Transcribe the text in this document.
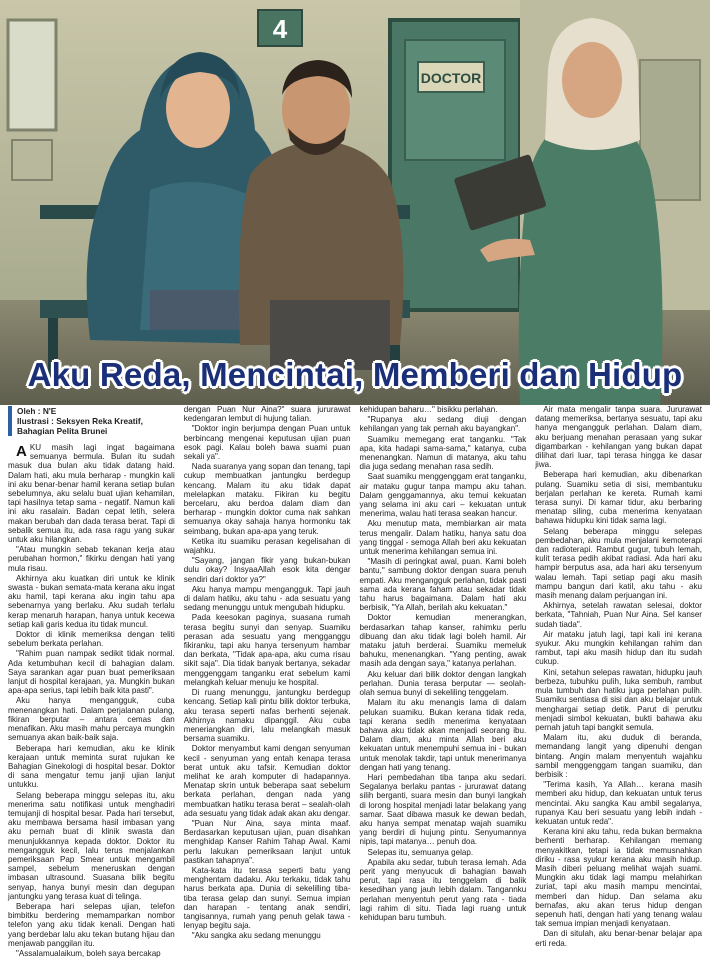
4
DOCTOR
Aku Reda, Mencintai, Memberi dan Hidup
Oleh : N'E
Ilustrasi : Seksyen Reka Kreatif,
Bahagian Pelita Brunei

AKU masih lagi ingat bagaimana semuanya bermula. Bulan itu sudah masuk dua bulan aku tidak datang haid. Dalam hati, aku mula berharap - mungkin kali ini aku benar-benar hamil kerana setiap bulan sebelumnya, aku selalu buat ujian kehamilan, tapi hasilnya tetap sama - negatif. Namun kali ini aku rasalain. Badan cepat letih, selera makan berubah dan dada terasa berat. Tapi di sebalik semua itu, ada rasa ragu yang sukar untuk aku hilangkan.

"Atau mungkin sebab tekanan kerja atau perubahan hormon," fikirku dengan hati yang mula risau.

Akhirnya aku kuatkan diri untuk ke klinik swasta - bukan semata-mata kerana aku ingat aku hamil, tapi kerana aku ingin tahu apa sebenarnya yang berlaku. Aku sudah terlalu kerap menaruh harapan, hanya untuk kecewa setiap kali garis kedua itu tidak muncul.

Doktor di klinik memeriksa dengan teliti sebelum berkata perlahan.

"Rahim puan nampak sedikit tidak normal. Ada ketumbuhan kecil di bahagian dalam. Saya sarankan agar puan buat pemeriksaan lanjut di hospital kerajaan, ya. Mungkin bukan apa-apa serius, tapi lebih baik kita pasti".

Aku hanya mengangguk, cuba menenangkan hati. Dalam perjalanan pulang, fikiran berputar – antara cemas dan menafikan. Aku masih mahu percaya mungkin semuanya akan baik-baik saja.

Beberapa hari kemudian, aku ke klinik kerajaan untuk meminta surat rujukan ke Bahagian Ginekologi di hospital besar. Doktor di sana mengatur temu janji ujian lanjut untukku.

Selang beberapa minggu selepas itu, aku menerima satu notifikasi untuk menghadiri temujanji di hospital besar. Pada hari tersebut, aku membawa bersama hasil imbasan yang aku pernah buat di klinik swasta dan menunjukkannya kepada doktor. Doktor itu mengangguk kecil, lalu terus menjalankan pemeriksaan Pap Smear untuk mengambil sampel, sebelum meneruskan dengan imbasan ultrasound. Suasana bilik begitu senyap, hanya bunyi mesin dan degupan jantungku yang terasa kuat di telinga.

Beberapa hari selepas ujian, telefon bimbitku berdering memamparkan nombor telefon yang aku tidak kenali. Dengan hati yang berdebar lalu aku tekan butang hijau dan menjawab panggilan itu.

"Assalamualaikum, boleh saya bercakap

dengan Puan Nur Aina?" suara jururawat kedengaran lembut di hujung talian.

"Doktor ingin berjumpa dengan Puan untuk berbincang mengenai keputusan ujian puan esok pagi. Kalau boleh bawa suami puan sekali ya".

Nada suaranya yang sopan dan tenang, tapi cukup membuatkan jantungku berdegup kencang. Malam itu aku tidak dapat melelapkan mataku. Fikiran ku begitu bercelaru, aku berdoa dalam diam dan berharap - mungkin doktor cuma nak sahkan semuanya okay sahaja hanya hormonku tak seimbang, bukan apa-apa yang teruk.

Ketika itu suamiku perasan kegelisahan di wajahku.

"Sayang, jangan fikir yang bukan-bukan dulu okay? InsyaaAllah esok kita dengar sendiri dari doktor ya?"

Aku hanya mampu mengangguk. Tapi jauh di dalam hatiku, aku tahu - ada sesuatu yang sedang menunggu untuk mengubah hidupku.

Pada keesokan paginya, suasana rumah terasa begitu sunyi dan senyap. Suamiku perasan ada sesuatu yang mengganggu fikiranku, tapi aku hanya tersenyum hambar dan berkata, "Tidak apa-apa, aku cuma risau sikit saja". Dia tidak banyak bertanya, sekadar menggenggam tanganku erat sebelum kami melangkah keluar menuju ke hospital.

Di ruang menunggu, jantungku berdegup kencang. Setiap kali pintu bilik doktor terbuka, aku terasa seperti nafas berhenti sejenak. Akhirnya namaku dipanggil. Aku cuba meneriangkan diri, lalu melangkah masuk bersama suamiku.

Doktor menyambut kami dengan senyuman kecil - senyuman yang entah kenapa terasa berat untuk aku tafsir. Kemudian doktor melihat ke arah komputer di hadapannya. Menatap skrin untuk beberapa saat sebelum berkata perlahan, dengan nada yang membuatkan hatiku terasa berat – sealah-olah ada sesuatu yang tidak adak akan aku dengar.

"Puan Nur Aina, saya minta maaf. Berdasarkan keputusan ujian, puan disahkan menghidap Kanser Rahim Tahap Awal. Kami perlu lakukan pemeriksaan lanjut untuk pastikan tahapnya".

Kata-kata itu terasa seperti batu yang menghentam dadaku. Aku terkaku, tidak tahu harus berkata apa. Dunia di sekelilling tiba-tiba terasa gelap dan sunyi. Semua impian dan harapan - tentang anak sendiri, tangisannya, rumah yang penuh gelak tawa - lenyap begitu saja.

"Aku sangka aku sedang menunggu

kehidupan baharu…" bisikku perlahan.

"Rupanya aku sedang diuji dengan kehilangan yang tak pernah aku bayangkan".

Suamiku memegang erat tanganku. "Tak apa, kita hadapi sama-sama," katanya, cuba menenangkan. Namun di matanya, aku tahu dia juga sedang menahan rasa sedih.

Saat suamiku menggenggam erat tanganku, air mataku gugur tanpa mampu aku tahan. Dalam genggamannya, aku temui kekuatan yang selama ini aku cari – kekuatan untuk menerima, walau hati terasa seakan hancur.

Aku menutup mata, membiarkan air mata terus mengalir. Dalam hatiku, hanya satu doa yang tinggal - semoga Allah beri aku kekuatan untuk menerima kehilangan semua ini.

"Masih di peringkat awal, puan. Kami boleh bantu," sambung doktor dengan suara penuh empati. Aku mengangguk perlahan, tidak pasti sama ada kerana faham atau sekadar tidak tahu harus bagaimana. Dalam hati aku berbisik, "Ya Allah, berilah aku kekuatan."

Doktor kemudian menerangkan, berdasarkan tahap kanser, rahimku perlu dibuang dan aku tidak lagi boleh hamil. Air mataku jatuh berderai. Suamiku memeluk bahuku, menenangkan. "Yang penting, awak masih ada dengan saya," katanya perlahan.

Aku keluar dari bilik doktor dengan langkah perlahan. Dunia terasa berputar — seolah-olah semua bunyi di sekeliling tenggelam.

Malam itu aku menangis lama di dalam pelukan suamiku. Bukan kerana tidak reda, tapi kerana sedih menerima kenyataan bahawa aku tidak akan menjadi seorang ibu. Dalam diam, aku minta Allah beri aku kekuatan untuk menempuhi semua ini - bukan untuk menolak takdir, tapi untuk menerimanya dengan hati yang tenang.

Hari pembedahan tiba tanpa aku sedari. Segalanya berlaku pantas - jururawat datang silih berganti, suara mesin dan bunyi langkah di lorong hospital menjadi latar belakang yang samar. Saat dibawa masuk ke dewan bedah, aku hanya sempat menatap wajah suamiku yang berdiri di hujung pintu. Senyumannya nipis, tapi matanya… penuh doa.

Selepas itu, semuanya gelap.

Apabila aku sedar, tubuh terasa lemah. Ada perit yang menyucuk di bahagian bawah perut, tapi rasa itu tenggelam di balik kesedihan yang jauh lebih dalam. Tangannku perlahan menyentuh perut yang rata - tiada lagi rahim di situ. Tiada lagi ruang untuk kehidupan baru tumbuh.

Air mata mengalir tanpa suara. Jururawat datang memeriksa, bertanya sesuatu, tapi aku hanya mengangguk perlahan. Dalam diam, aku berjuang menahan perasaan yang sukar digambarkan - kehilangan yang bukan dapat dilihat dari luar, tapi terasa hingga ke dasar jiwa.

Beberapa hari kemudian, aku dibenarkan pulang. Suamiku setia di sisi, membantuku berjalan perlahan ke kereta. Rumah kami terasa sunyi. Di kamar tidur, aku berbaring menatap siling, cuba menerima kenyataan bahawa hidupku kini tidak sama lagi.

Selang beberapa minggu selepas pembedahan, aku mula menjalani kemoterapi dan radioterapi. Rambut gugur, tubuh lemah, kulit terasa pedih akibat radiasi. Ada hari aku hampir berputus asa, ada hari aku tersenyum walau lemah. Tapi setiap pagi aku masih mampu bangun dari katil, aku tahu - aku masih menang dalam perjuangan ini.

Akhirnya, setelah rawatan selesai, doktor berkata, "Tahniah, Puan Nur Aina. Sel kanser sudah tiada".

Air mataku jatuh lagi, tapi kali ini kerana syukur. Aku mungkin kehilangan rahim dan rambut, tapi aku masih hidup dan itu sudah cukup.

Kini, setahun selepas rawatan, hidupku jauh berbeza, tubuhku pulih, luka sembuh, rambut mula tumbuh dan hatiku juga perlahan pulih. Suamiku sentiasa di sisi dan aku belajar untuk menghargai setiap detik. Parut di perutku menjadi simbol kekuatan, bukti bahawa aku pernah jatuh tapi bangkit semula.

Malam itu, aku duduk di beranda, memandang langit yang dipenuhi dengan bintang. Angin malam menyentuh wajahku sambil menggenggam tangan suamiku, dan berbisik :

"Terima kasih, Ya Allah… kerana masih memberi aku hidup, dan kekuatan untuk terus mencintai. Aku sangka Kau ambil segalanya, rupanya Kau beri sesuatu yang lebih indah - kekuatan untuk reda".

Kerana kini aku tahu, reda bukan bermakna berhenti berharap. Kehilangan memang menyakitkan, tetapi ia tidak memusnahkan diriku - rasa syukur kerana aku masih hidup. Masih diberi peluang melihat wajah suami. Mungkin aku tidak lagi mampu melahirkan zuriat, tapi aku masih mampu mencintai, memberi dan hidup. Dan selama aku bernafas, aku akan terus hidup dengan sepenuh hati, dengan hati yang tenang walau tak semua impian menjadi kenyataan.

Dan di situlah, aku benar-benar belajar apa erti reda.
